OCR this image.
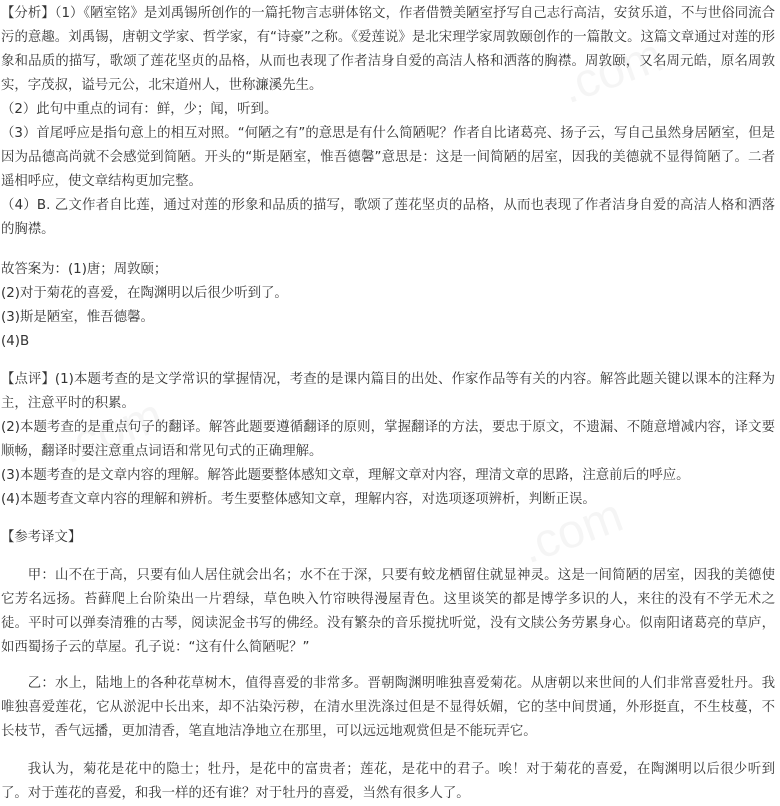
【分析】（1）《陋室铭》是刘禹锡所创作的一篇托物言志骈体铭文，作者借赞美陋室抒写自己志行高洁，安贫乐道，不与世俗同流合污的意趣。刘禹锡，唐朝文学家、哲学家，有“诗豪”之称。《爱莲说》是北宋理学家周敦颐创作的一篇散文。这篇文章通过对莲的形象和品质的描写，歌颂了莲花坚贞的品格，从而也表现了作者洁身自爱的高洁人格和洒落的胸襟。周敦颐，又名周元皓，原名周敦实，字茂叔，谥号元公，北宋道州人，世称濂溪先生。

（2）此句中重点的词有：鲜，少；闻，听到。

（3）首尾呼应是指句意上的相互对照。“何陋之有”的意思是有什么简陋呢？作者自比诸葛亮、扬子云，写自己虽然身居陋室，但是因为品德高尚就不会感觉到简陋。开头的“斯是陋室，惟吾德馨”意思是：这是一间简陋的居室，因我的美德就不显得简陋了。二者遥相呼应，使文章结构更加完整。

（4）B. 乙文作者自比莲，通过对莲的形象和品质的描写，歌颂了莲花坚贞的品格，从而也表现了作者洁身自爱的高洁人格和洒落的胸襟。

故答案为：(1)唐；周敦颐；

(2)对于菊花的喜爱，在陶渊明以后很少听到了。

(3)斯是陋室，惟吾德馨。

(4)B

【点评】(1)本题考查的是文学常识的掌握情况，考查的是课内篇目的出处、作家作品等有关的内容。解答此题关键以课本的注释为主，注意平时的积累。

(2)本题考查的是重点句子的翻译。解答此题要遵循翻译的原则，掌握翻译的方法，要忠于原文，不遗漏、不随意增减内容，译文要顺畅，翻译时要注意重点词语和常见句式的正确理解。

(3)本题考查的是文章内容的理解。解答此题要整体感知文章，理解文章对内容，理清文章的思路，注意前后的呼应。

(4)本题考查文章内容的理解和辨析。考生要整体感知文章，理解内容，对选项逐项辨析，判断正误。

【参考译文】

甲：山不在于高，只要有仙人居住就会出名；水不在于深，只要有蛟龙栖留住就显神灵。这是一间简陋的居室，因我的美德使它芳名远扬。苔藓爬上台阶染出一片碧绿，草色映入竹帘映得漫屋青色。这里谈笑的都是博学多识的人，来往的没有不学无术之徒。平时可以弹奏清雅的古琴，阅读泥金书写的佛经。没有繁杂的音乐搅扰听觉，没有文牍公务劳累身心。似南阳诸葛亮的草庐，如西蜀扬子云的草屋。孔子说：“这有什么简陋呢？”

乙：水上，陆地上的各种花草树木，值得喜爱的非常多。晋朝陶渊明唯独喜爱菊花。从唐朝以来世间的人们非常喜爱牡丹。我唯独喜爱莲花，它从淤泥中长出来，却不沾染污秽，在清水里洗涤过但是不显得妖媚，它的茎中间贯通，外形挺直，不生枝蔓，不长枝节，香气远播，更加清香，笔直地洁净地立在那里，可以远远地观赏但是不能玩弄它。

我认为，菊花是花中的隐士；牡丹，是花中的富贵者；莲花，是花中的君子。唉！对于菊花的喜爱，在陶渊明以后很少听到了。对于莲花的喜爱，和我一样的还有谁？对于牡丹的喜爱，当然有很多人了。
